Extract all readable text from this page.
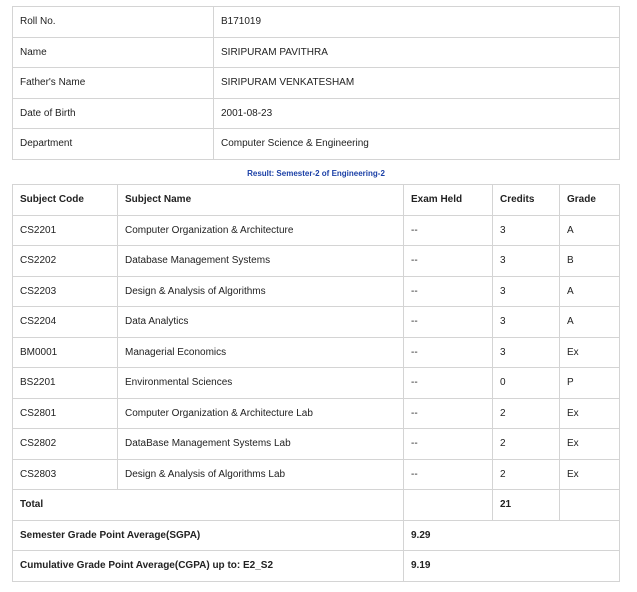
Roll No.	B171019
Name	SIRIPURAM PAVITHRA
Father's Name	SIRIPURAM VENKATESHAM
Date of Birth	2001-08-23
Department	Computer Science & Engineering
Result: Semester-2 of Engineering-2
Subject Code	Subject Name	Exam Held	Credits	Grade
CS2201	Computer Organization & Architecture	--	3	A
CS2202	Database Management Systems	--	3	B
CS2203	Design & Analysis of Algorithms	--	3	A
CS2204	Data Analytics	--	3	A
BM0001	Managerial Economics	--	3	Ex
BS2201	Environmental Sciences	--	0	P
CS2801	Computer Organization & Architecture Lab	--	2	Ex
CS2802	DataBase Management Systems Lab	--	2	Ex
CS2803	Design & Analysis of Algorithms Lab	--	2	Ex
Total			21	
Semester Grade Point Average(SGPA)		9.29		
Cumulative Grade Point Average(CGPA) up to: E2_S2		9.19		
